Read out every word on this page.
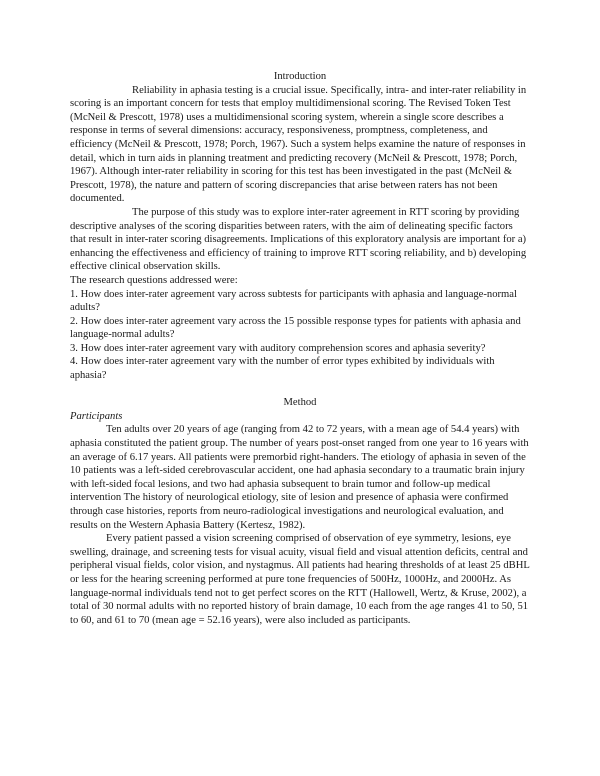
Introduction

Reliability in aphasia testing is a crucial issue. Specifically, intra- and inter-rater reliability in scoring is an important concern for tests that employ multidimensional scoring. The Revised Token Test (McNeil & Prescott, 1978) uses a multidimensional scoring system, wherein a single score describes a response in terms of several dimensions: accuracy, responsiveness, promptness, completeness, and efficiency (McNeil & Prescott, 1978; Porch, 1967). Such a system helps examine the nature of responses in detail, which in turn aids in planning treatment and predicting recovery (McNeil & Prescott, 1978; Porch, 1967). Although inter-rater reliability in scoring for this test has been investigated in the past (McNeil & Prescott, 1978), the nature and pattern of scoring discrepancies that arise between raters has not been documented.

The purpose of this study was to explore inter-rater agreement in RTT scoring by providing descriptive analyses of the scoring disparities between raters, with the aim of delineating specific factors that result in inter-rater scoring disagreements. Implications of this exploratory analysis are important for a) enhancing the effectiveness and efficiency of training to improve RTT scoring reliability, and b) developing effective clinical observation skills.

The research questions addressed were:

1. How does inter-rater agreement vary across subtests for participants with aphasia and language-normal adults?
2. How does inter-rater agreement vary across the 15 possible response types for patients with aphasia and language-normal adults?
3. How does inter-rater agreement vary with auditory comprehension scores and aphasia severity?
4. How does inter-rater agreement vary with the number of error types exhibited by individuals with aphasia?

Method

Participants

Ten adults over 20 years of age (ranging from 42 to 72 years, with a mean age of 54.4 years) with aphasia constituted the patient group. The number of years post-onset ranged from one year to 16 years with an average of 6.17 years. All patients were premorbid right-handers. The etiology of aphasia in seven of the 10 patients was a left-sided cerebrovascular accident, one had aphasia secondary to a traumatic brain injury with left-sided focal lesions, and two had aphasia subsequent to brain tumor and follow-up medical intervention The history of neurological etiology, site of lesion and presence of aphasia were confirmed through case histories, reports from neuro-radiological investigations and neurological evaluation, and results on the Western Aphasia Battery (Kertesz, 1982).

Every patient passed a vision screening comprised of observation of eye symmetry, lesions, eye swelling, drainage, and screening tests for visual acuity, visual field and visual attention deficits, central and peripheral visual fields, color vision, and nystagmus. All patients had hearing thresholds of at least 25 dBHL or less for the hearing screening performed at pure tone frequencies of 500Hz, 1000Hz, and 2000Hz. As language-normal individuals tend not to get perfect scores on the RTT (Hallowell, Wertz, & Kruse, 2002), a total of 30 normal adults with no reported history of brain damage, 10 each from the age ranges 41 to 50, 51 to 60, and 61 to 70 (mean age = 52.16 years), were also included as participants.
